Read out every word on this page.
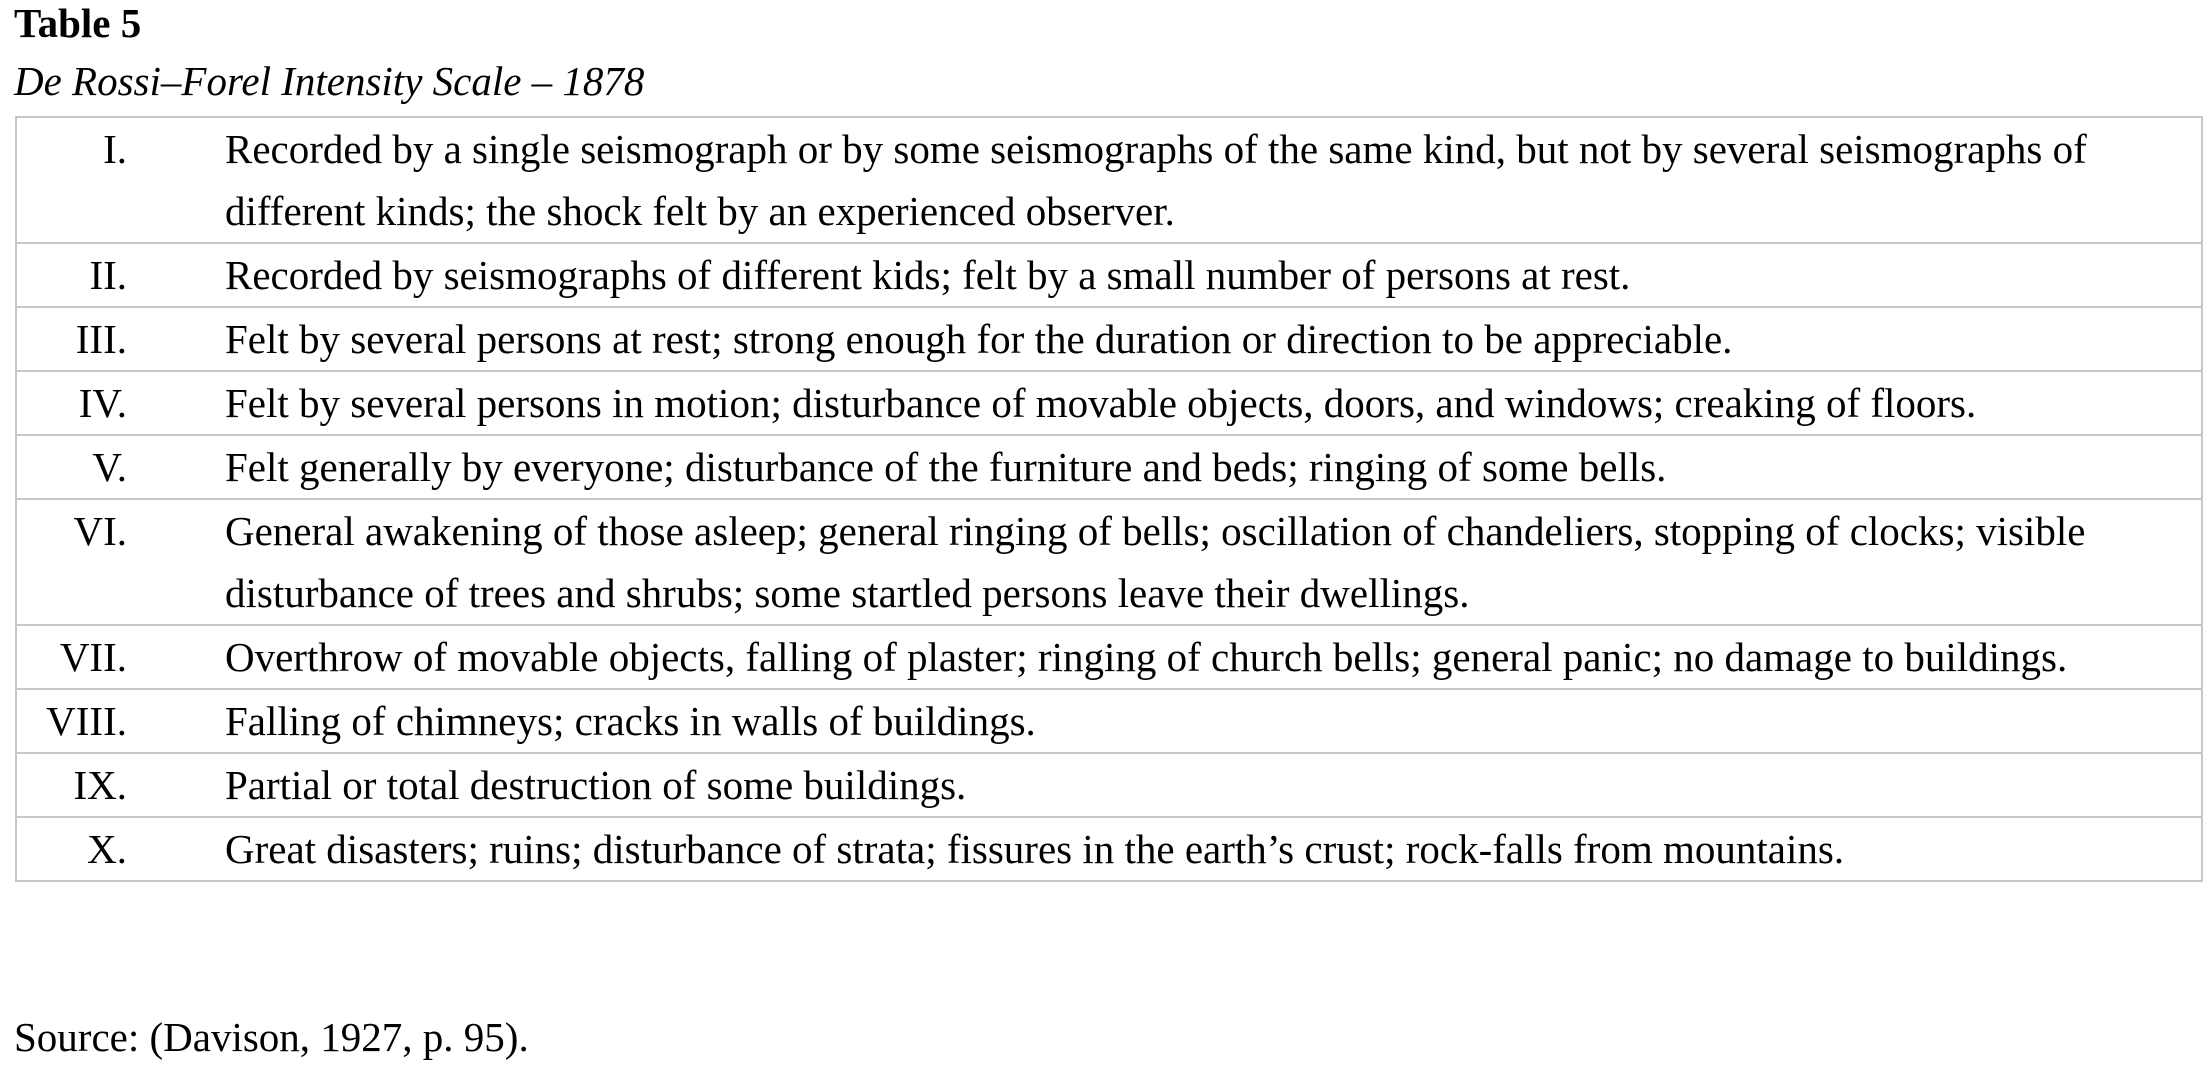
Table 5
De Rossi–Forel Intensity Scale – 1878
I.	Recorded by a single seismograph or by some seismographs of the same kind, but not by several seismographs of different kinds; the shock felt by an experienced observer.
II.	Recorded by seismographs of different kids; felt by a small number of persons at rest.
III.	Felt by several persons at rest; strong enough for the duration or direction to be appreciable.
IV.	Felt by several persons in motion; disturbance of movable objects, doors, and windows; creaking of floors.
V.	Felt generally by everyone; disturbance of the furniture and beds; ringing of some bells.
VI.	General awakening of those asleep; general ringing of bells; oscillation of chandeliers, stopping of clocks; visible disturbance of trees and shrubs; some startled persons leave their dwellings.
VII.	Overthrow of movable objects, falling of plaster; ringing of church bells; general panic; no damage to buildings.
VIII.	Falling of chimneys; cracks in walls of buildings.
IX.	Partial or total destruction of some buildings.
X.	Great disasters; ruins; disturbance of strata; fissures in the earth’s crust; rock-falls from mountains.
Source: (Davison, 1927, p. 95).
